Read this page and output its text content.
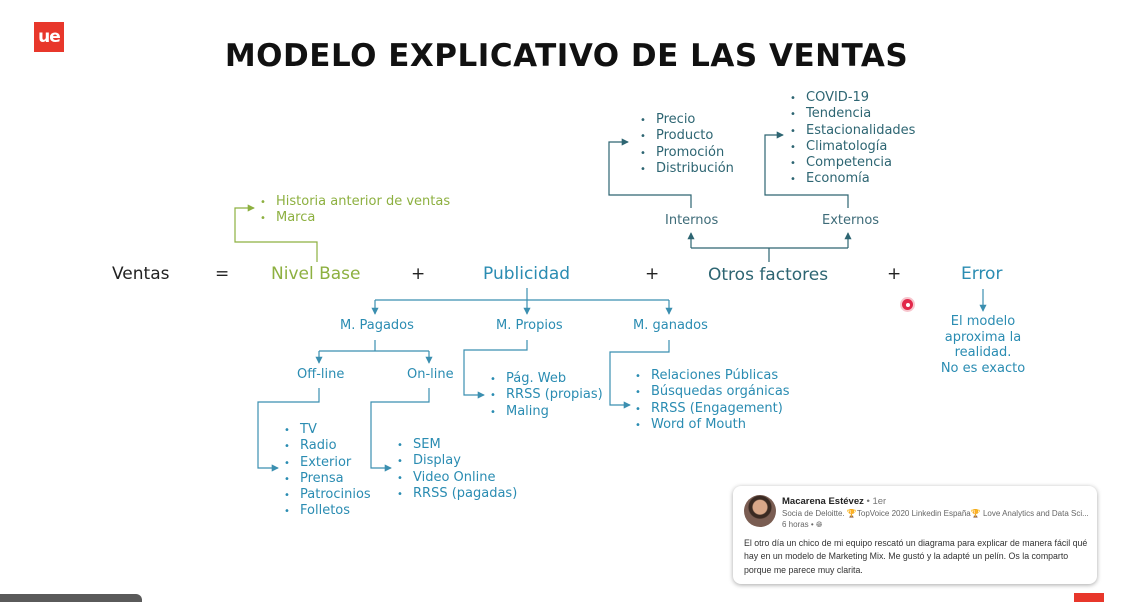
ue
MODELO EXPLICATIVO DE LAS VENTAS
Ventas	= Nivel Base	+	Publicidad	+	Otros factores	+	Error
• Historia anterior de ventas
• Marca	Internos	Externos
• Precio
• Producto
• Promoción
• Distribución
• COVID-19
• Tendencia
• Estacionalidades
• Climatología
• Competencia
• Economía
M. Pagados	M. Propios	M. ganados
Off-line	On-line
• TV
• Radio
• Exterior
• Prensa
• Patrocinios
• Folletos
• SEM
• Display
• Video Online
• RRSS (pagadas)
• Pág. Web
• RRSS (propias)
• Maling
• Relaciones Públicas
• Búsquedas orgánicas
• RRSS (Engagement)
• Word of Mouth
El modelo
aproxima la
realidad.
No es exacto
Macarena Estévez • 1er
Socia de Deloitte. 🏆TopVoice 2020 Linkedin España🏆 Love Analytics and Data Sci...
6 horas • 🌐︎
El otro día un chico de mi equipo rescató un diagrama para explicar de manera fácil qué hay en un modelo de Marketing Mix. Me gustó y la adapté un pelín. Os la comparto porque me parece muy clarita.
